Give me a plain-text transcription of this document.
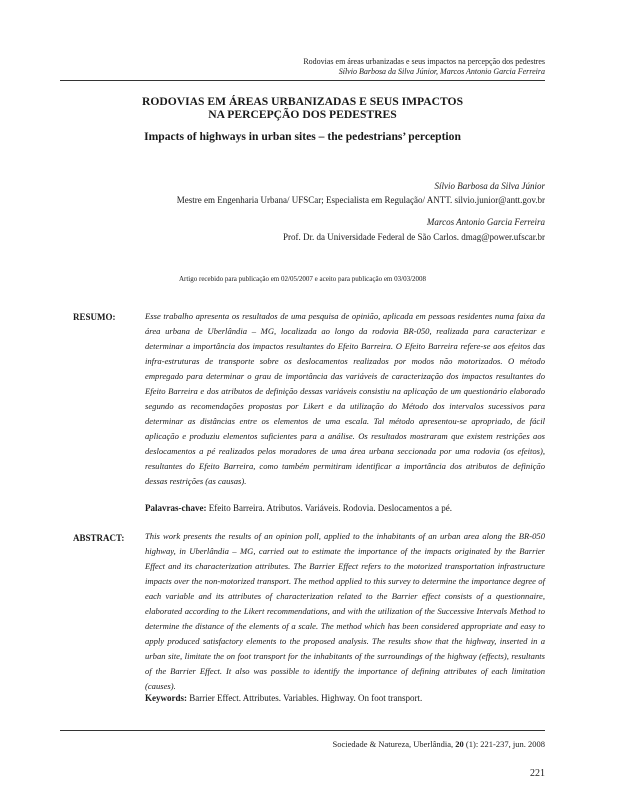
Rodovias em áreas urbanizadas e seus impactos na percepção dos pedestres
Sílvio Barbosa da Silva Júnior, Marcos Antonio Garcia Ferreira
RODOVIAS EM ÁREAS URBANIZADAS E SEUS IMPACTOS
NA PERCEPÇÃO DOS PEDESTRES
Impacts of highways in urban sites – the pedestrians’ perception
Sílvio Barbosa da Silva Júnior
Mestre em Engenharia Urbana/ UFSCar; Especialista em Regulação/ ANTT. silvio.junior@antt.gov.br
Marcos Antonio Garcia Ferreira
Prof. Dr. da Universidade Federal de São Carlos. dmag@power.ufscar.br
Artigo recebido para publicação em 02/05/2007 e aceito para publicação em 03/03/2008
RESUMO:	Esse trabalho apresenta os resultados de uma pesquisa de opinião, aplicada em pessoas residentes numa faixa da área urbana de Uberlândia – MG, localizada ao longo da rodovia BR-050, realizada para caracterizar e determinar a importância dos impactos resultantes do Efeito Barreira. O Efeito Barreira refere-se aos efeitos das infra-estruturas de transporte sobre os deslocamentos realizados por modos não motorizados. O método empregado para determinar o grau de importância das variáveis de caracterização dos impactos resultantes do Efeito Barreira e dos atributos de definição dessas variáveis consistiu na aplicação de um questionário elaborado segundo as recomendações propostas por Likert e da utilização do Método dos intervalos sucessivos para determinar as distâncias entre os elementos de uma escala. Tal método apresentou-se apropriado, de fácil aplicação e produziu elementos suficientes para a análise. Os resultados mostraram que existem restrições aos deslocamentos a pé realizados pelos moradores de uma área urbana seccionada por uma rodovia (os efeitos), resultantes do Efeito Barreira, como também permitiram identificar a importância dos atributos de definição dessas restrições (as causas).
Palavras-chave: Efeito Barreira. Atributos. Variáveis. Rodovia. Deslocamentos a pé.
ABSTRACT:	This work presents the results of an opinion poll, applied to the inhabitants of an urban area along the BR-050 highway, in Uberlândia – MG, carried out to estimate the importance of the impacts originated by the Barrier Effect and its characterization attributes. The Barrier Effect refers to the motorized transportation infrastructure impacts over the non-motorized transport. The method applied to this survey to determine the importance degree of each variable and its attributes of characterization related to the Barrier effect consists of a questionnaire, elaborated according to the Likert recommendations, and with the utilization of the Successive Intervals Method to determine the distance of the elements of a scale. The method which has been considered appropriate and easy to apply produced satisfactory elements to the proposed analysis. The results show that the highway, inserted in a urban site, limitate the on foot transport for the inhabitants of the surroundings of the highway (effects), resultants of the Barrier Effect. It also was possible to identify the importance of defining attributes of each limitation (causes).
Keywords: Barrier Effect. Attributes. Variables. Highway. On foot transport.
Sociedade & Natureza, Uberlândia, 20 (1): 221-237, jun. 2008
221
